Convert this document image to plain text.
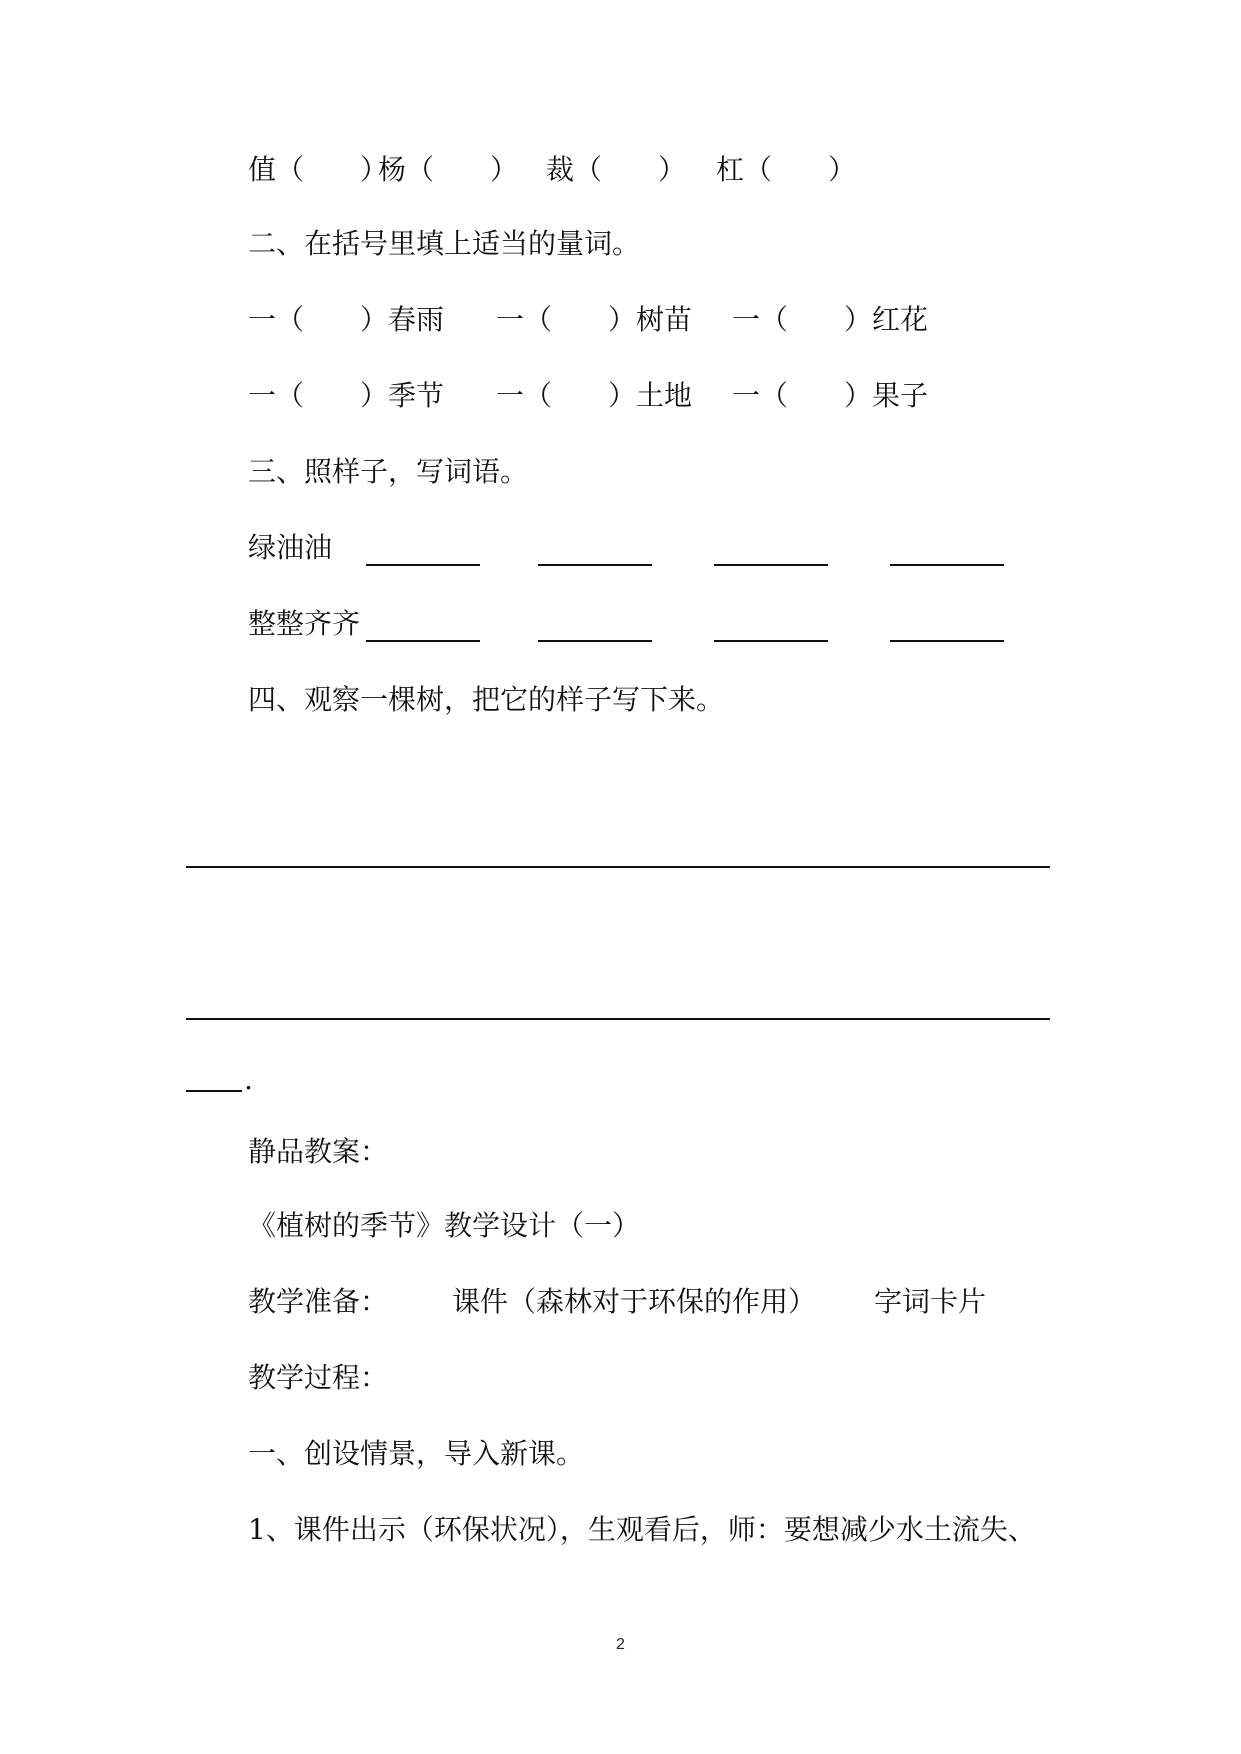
值（　　）
杨（　　） 裁（　　） 杠（　　）
二、在括号里填上适当的量词。
一（　　）春雨 一（　　）树苗 一（　　）红花
一（　　）季节 一（　　）土地 一（　　）果子
三、照样子，写词语。
绿油油
整整齐齐
四、观察一棵树，把它的样子写下来。
.
静品教案：
《植树的季节》教学设计（一）
教学准备： 课件（森林对于环保的作用） 字词卡片
教学过程：
一、创设情景，导入新课。
1、课件出示（环保状况），生观看后，师：要想减少水土流失、
2
